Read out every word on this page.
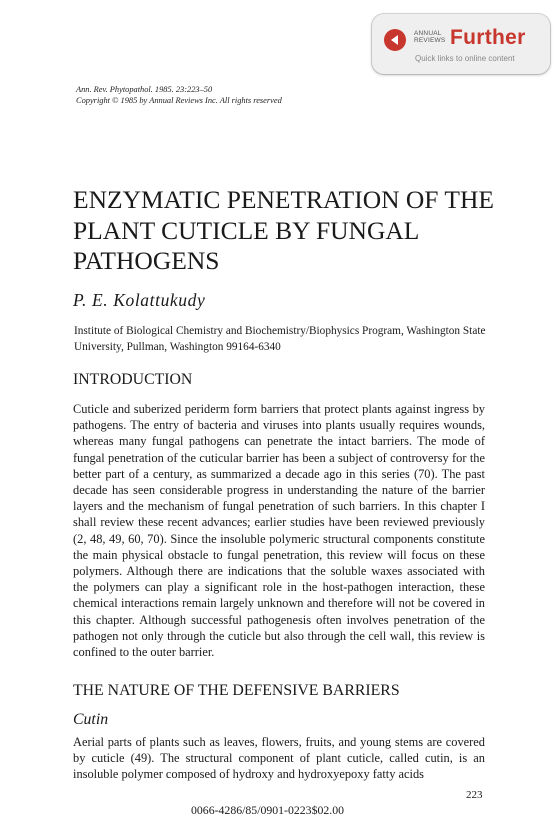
ANNUAL
REVIEWS Further
Quick links to online content
Ann. Rev. Phytopathol. 1985. 23:223–50
Copyright © 1985 by Annual Reviews Inc. All rights reserved
ENZYMATIC PENETRATION OF THE PLANT CUTICLE BY FUNGAL PATHOGENS
P. E. Kolattukudy

Institute of Biological Chemistry and Biochemistry/Biophysics Program, Washington State University, Pullman, Washington 99164-6340

INTRODUCTION

Cuticle and suberized periderm form barriers that protect plants against ingress by pathogens. The entry of bacteria and viruses into plants usually requires wounds, whereas many fungal pathogens can penetrate the intact barriers. The mode of fungal penetration of the cuticular barrier has been a subject of controversy for the better part of a century, as summarized a decade ago in this series (70). The past decade has seen considerable progress in understanding the nature of the barrier layers and the mechanism of fungal penetration of such barriers. In this chapter I shall review these recent advances; earlier studies have been reviewed previously (2, 48, 49, 60, 70). Since the insoluble polymeric structural components constitute the main physical obstacle to fungal penetration, this review will focus on these polymers. Although there are indications that the soluble waxes associated with the polymers can play a significant role in the host-pathogen interaction, these chemical interactions remain largely unknown and therefore will not be covered in this chapter. Although successful pathogenesis often involves penetration of the pathogen not only through the cuticle but also through the cell wall, this review is confined to the outer barrier.

THE NATURE OF THE DEFENSIVE BARRIERS
Cutin

Aerial parts of plants such as leaves, flowers, fruits, and young stems are covered by cuticle (49). The structural component of plant cuticle, called cutin, is an insoluble polymer composed of hydroxy and hydroxyepoxy fatty acids

223
0066-4286/85/0901-0223$02.00
